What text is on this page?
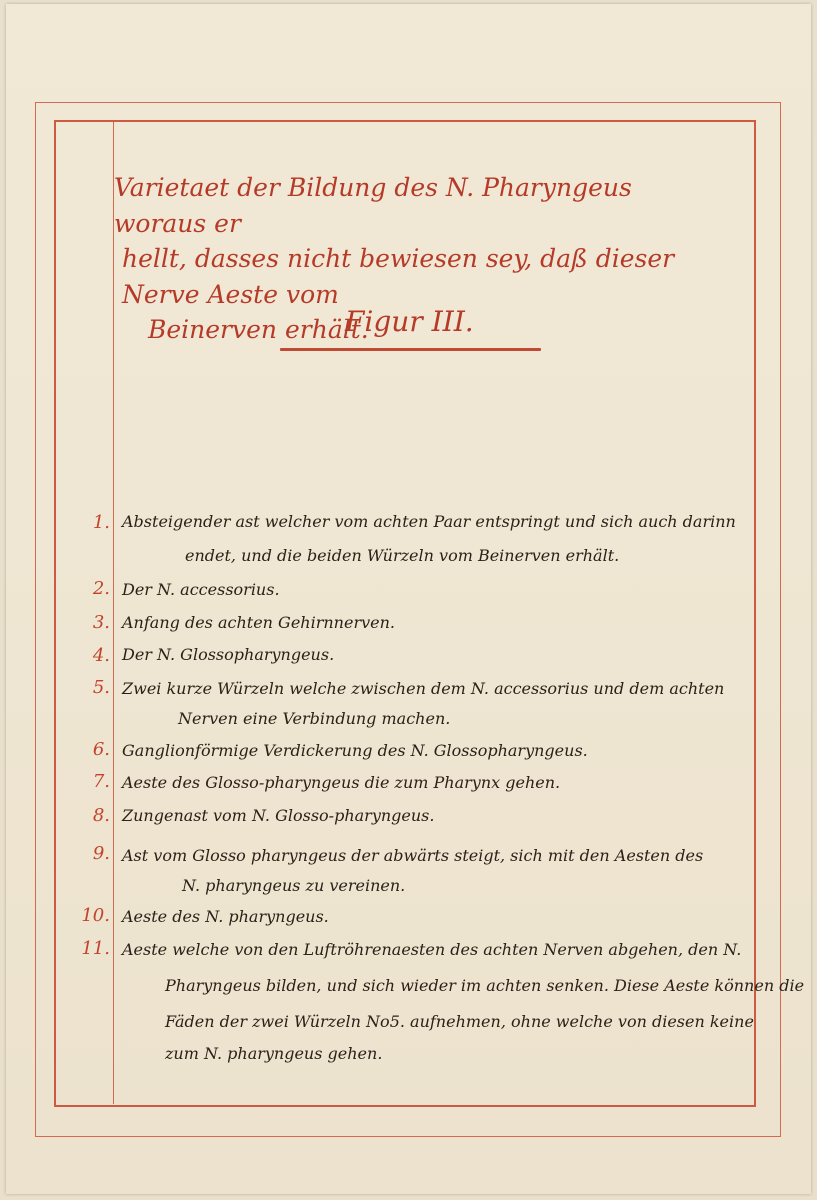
Varietaet der Bildung des N. Pharyngeus woraus er
hellt, dasses nicht bewiesen sey, daß dieser Nerve Aeste vom
Beinerven erhält.
Figur III.
1. Absteigender ast welcher vom achten Paar entspringt und sich auch darinn
endet, und die beiden Würzeln vom Beinerven erhält.
2. Der N. accessorius.
3. Anfang des achten Gehirnnerven.
4. Der N. Glossopharyngeus.
5. Zwei kurze Würzeln welche zwischen dem N. accessorius und dem achten
Nerven eine Verbindung machen.
6. Ganglionförmige Verdickerung des N. Glossopharyngeus.
7. Aeste des Glosso-pharyngeus die zum Pharynx gehen.
8. Zungenast vom N. Glosso-pharyngeus.
9. Ast vom Glosso pharyngeus der abwärts steigt, sich mit den Aesten des
N. pharyngeus zu vereinen.
10. Aeste des N. pharyngeus.
11. Aeste welche von den Luftröhrenaesten des achten Nerven abgehen, den N.
Pharyngeus bilden, und sich wieder im achten senken. Diese Aeste können die
Fäden der zwei Würzeln No5. aufnehmen, ohne welche von diesen keine
zum N. pharyngeus gehen.
